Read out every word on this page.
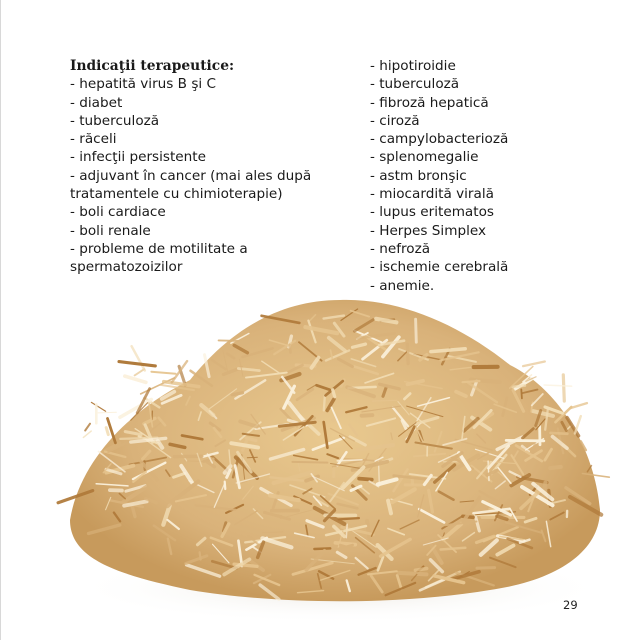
Indicaţii terapeutice:
- hepatită virus B şi C
- diabet
- tuberculoză
- răceli
- infecţii persistente
- adjuvant în cancer (mai ales după
tratamentele cu chimioterapie)
- boli cardiace
- boli renale
- probleme de motilitate a
spermatozoizilor
- hipotiroidie
- tuberculoză
- fibroză hepatică
- ciroză
- campylobacterioză
- splenomegalie
- astm bronşic
- miocardită virală
- lupus eritematos
- Herpes Simplex
- nefroză
- ischemie cerebrală
- anemie.
29
